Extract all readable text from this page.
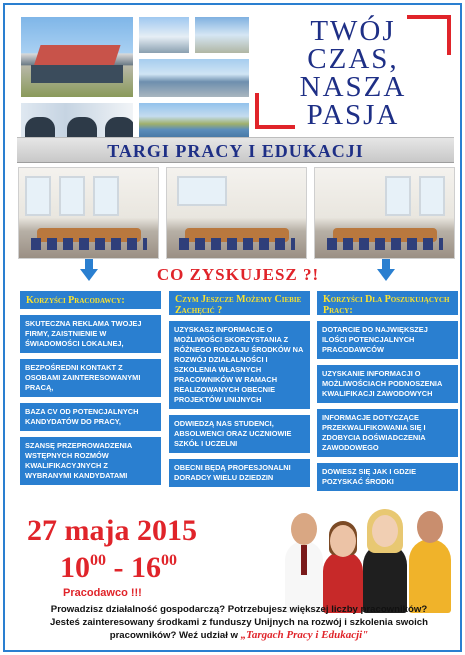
TWÓJ
CZAS,
NASZA
PASJA
TARGI PRACY I EDUKACJI
CO ZYSKUJESZ ?!
Korzyści Pracodawcy:
SKUTECZNA REKLAMA TWOJEJ FIRMY, ZAISTNIENIE W ŚWIADOMOŚCI LOKALNEJ,
BEZPOŚREDNI KONTAKT Z OSOBAMI ZAINTERESOWANYMI PRACĄ,
BAZA CV OD POTENCJALNYCH KANDYDATÓW DO PRACY,
SZANSĘ PRZEPROWADZENIA WSTĘPNYCH ROZMÓW KWALIFIKACYJNYCH Z WYBRANYMI KANDYDATAMI
Czym Jeszcze Możemy Ciebie Zachęcić ?
UZYSKASZ INFORMACJE O MOŻLIWOŚCI SKORZYSTANIA Z RÓŻNEGO RODZAJU ŚRODKÓW NA ROZWÓJ DZIAŁALNOŚCI I SZKOLENIA WŁASNYCH PRACOWNIKÓW W RAMACH REALIZOWANYCH OBECNIE PROJEKTÓW UNIJNYCH
ODWIEDZĄ NAS STUDENCI, ABSOLWENCI ORAZ UCZNIOWIE SZKÓŁ I UCZELNI
OBECNI BĘDĄ PROFESJONALNI DORADCY WIELU DZIEDZIN
Korzyści Dla Poszukujących Pracy:
DOTARCIE DO NAJWIĘKSZEJ ILOŚCI POTENCJALNYCH PRACODAWCÓW
UZYSKANIE INFORMACJI O MOŻLIWOŚCIACH PODNOSZENIA KWALIFIKACJI ZAWODOWYCH
INFORMACJE DOTYCZĄCE PRZEKWALIFIKOWANIA SIĘ I ZDOBYCIA DOŚWIADCZENIA ZAWODOWEGO
DOWIESZ SIĘ JAK I GDZIE POZYSKAĆ ŚRODKI
27 maja 2015
$10^{00} - 16^{00}$
Pracodawco !!!
Prowadzisz działalność gospodarczą? Potrzebujesz większej liczby pracowników?
Jesteś zainteresowany środkami z funduszy Unijnych na rozwój i szkolenia swoich
pracowników? Weź udział w „Targach Pracy i Edukacji"
